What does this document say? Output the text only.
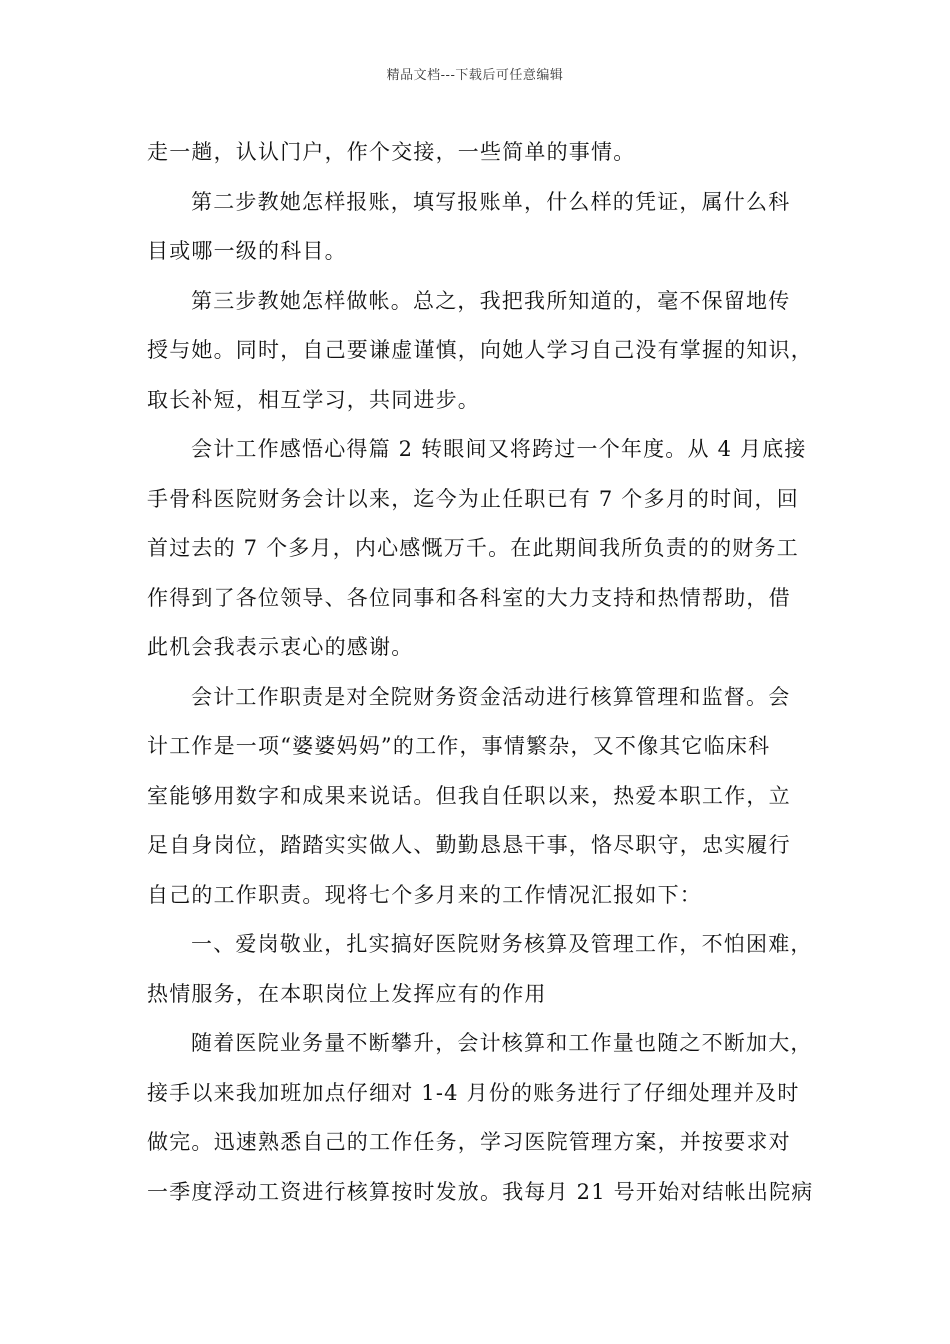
精品文档---下载后可任意编辑
走一趟，认认门户，作个交接，一些简单的事情。
第二步教她怎样报账，填写报账单，什么样的凭证，属什么科
目或哪一级的科目。
第三步教她怎样做帐。总之，我把我所知道的，毫不保留地传
授与她。同时，自己要谦虚谨慎，向她人学习自己没有掌握的知识，
取长补短，相互学习，共同进步。
会计工作感悟心得篇 2 转眼间又将跨过一个年度。从 4 月底接
手骨科医院财务会计以来，迄今为止任职已有 7 个多月的时间，回
首过去的 7 个多月，内心感慨万千。在此期间我所负责的的财务工
作得到了各位领导、各位同事和各科室的大力支持和热情帮助，借
此机会我表示衷心的感谢。
会计工作职责是对全院财务资金活动进行核算管理和监督。会
计工作是一项“婆婆妈妈”的工作，事情繁杂，又不像其它临床科
室能够用数字和成果来说话。但我自任职以来，热爱本职工作，立
足自身岗位，踏踏实实做人、勤勤恳恳干事，恪尽职守，忠实履行
自己的工作职责。现将七个多月来的工作情况汇报如下：
一、爱岗敬业，扎实搞好医院财务核算及管理工作，不怕困难，
热情服务，在本职岗位上发挥应有的作用
随着医院业务量不断攀升，会计核算和工作量也随之不断加大，
接手以来我加班加点仔细对 1-4 月份的账务进行了仔细处理并及时
做完。迅速熟悉自己的工作任务，学习医院管理方案，并按要求对
一季度浮动工资进行核算按时发放。我每月 21 号开始对结帐出院病
